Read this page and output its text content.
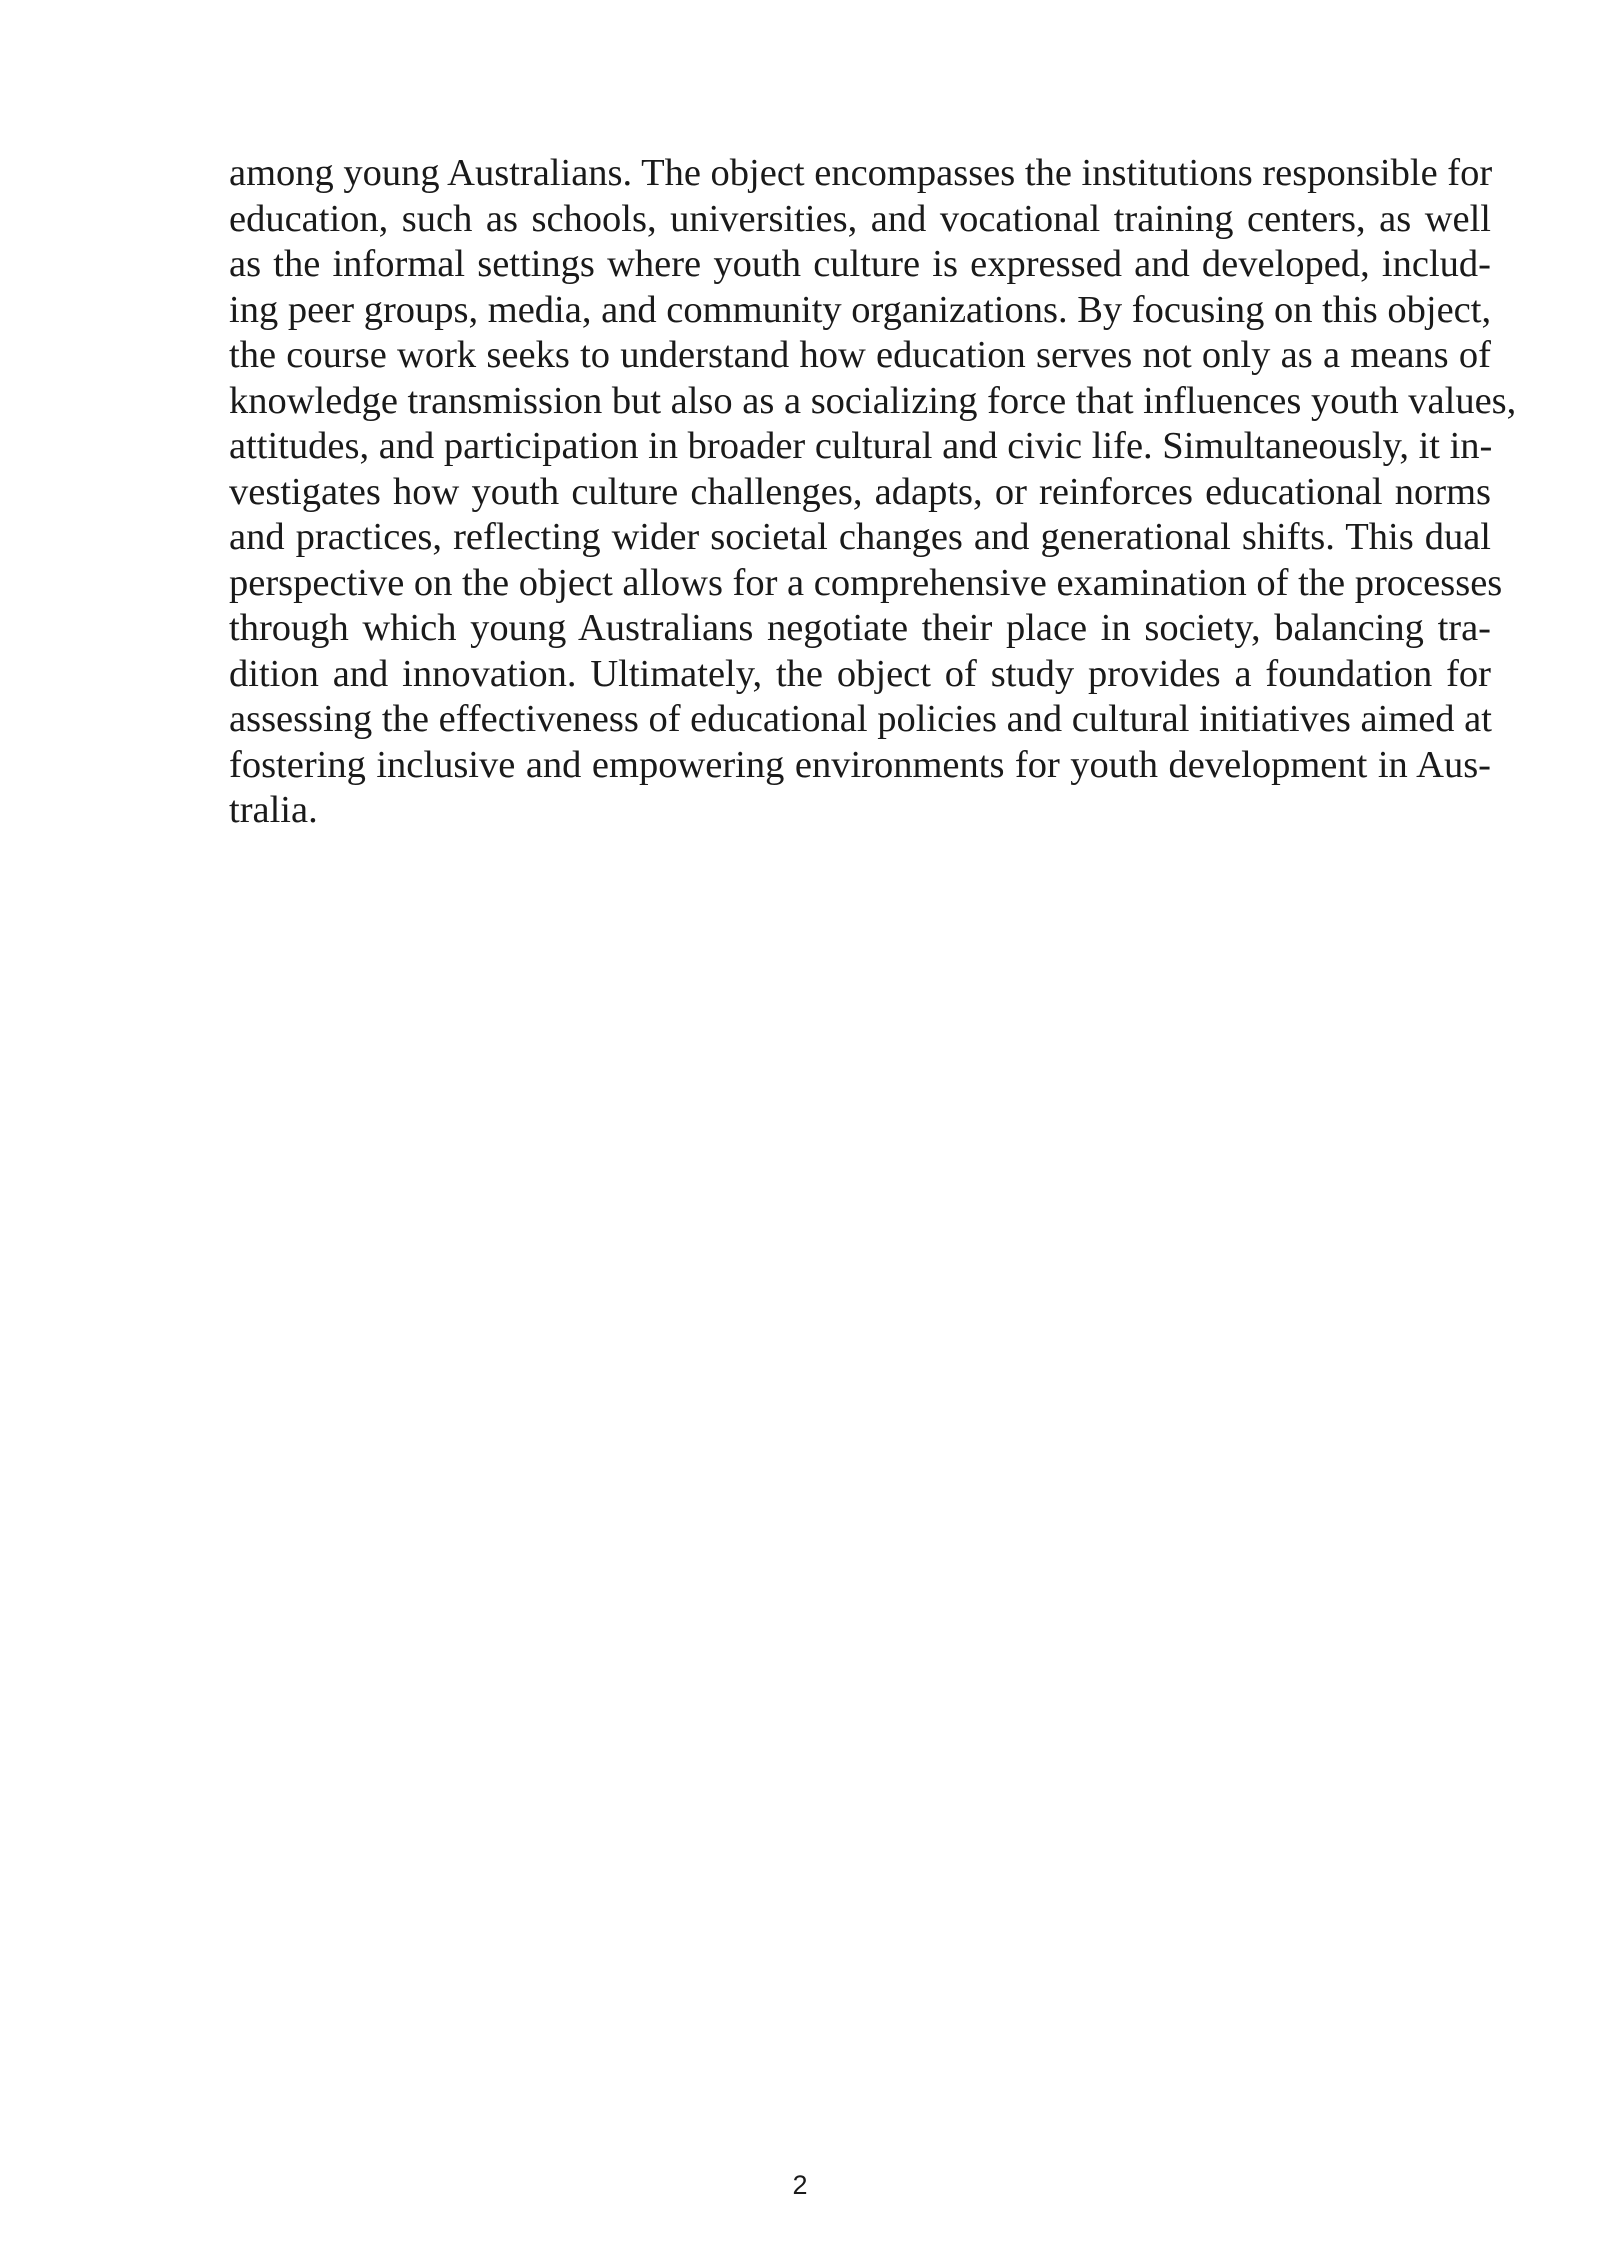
among young Australians. The object encompasses the institutions responsible for
education, such as schools, universities, and vocational training centers, as well
as the informal settings where youth culture is expressed and developed, includ-
ing peer groups, media, and community organizations. By focusing on this object,
the course work seeks to understand how education serves not only as a means of
knowledge transmission but also as a socializing force that influences youth values,
attitudes, and participation in broader cultural and civic life. Simultaneously, it in-
vestigates how youth culture challenges, adapts, or reinforces educational norms
and practices, reflecting wider societal changes and generational shifts. This dual
perspective on the object allows for a comprehensive examination of the processes
through which young Australians negotiate their place in society, balancing tra-
dition and innovation. Ultimately, the object of study provides a foundation for
assessing the effectiveness of educational policies and cultural initiatives aimed at
fostering inclusive and empowering environments for youth development in Aus-
tralia.
2
